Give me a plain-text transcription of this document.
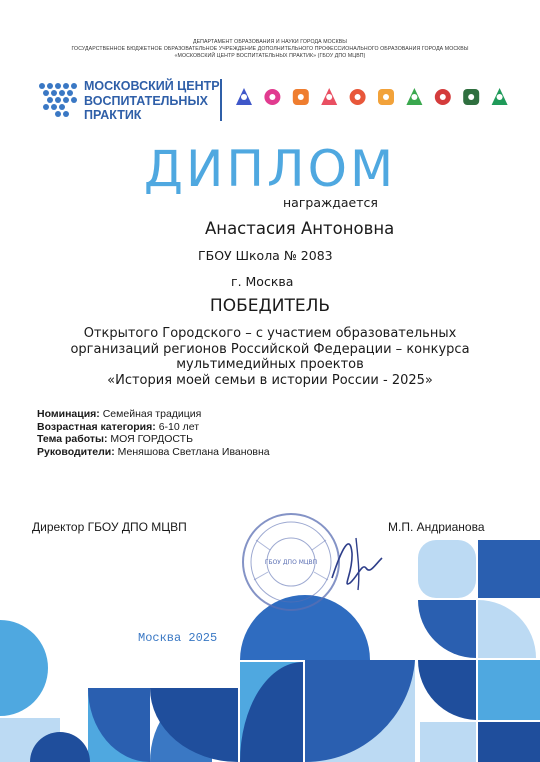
ДЕПАРТАМЕНТ ОБРАЗОВАНИЯ И НАУКИ ГОРОДА МОСКВЫ
ГОСУДАРСТВЕННОЕ БЮДЖЕТНОЕ ОБРАЗОВАТЕЛЬНОЕ УЧРЕЖДЕНИЕ ДОПОЛНИТЕЛЬНОГО ПРОФЕССИОНАЛЬНОГО ОБРАЗОВАНИЯ ГОРОДА МОСКВЫ
«МОСКОВСКИЙ ЦЕНТР ВОСПИТАТЕЛЬНЫХ ПРАКТИК» (ГБОУ ДПО МЦВП)
МОСКОВСКИЙ ЦЕНТР
ВОСПИТАТЕЛЬНЫХ
ПРАКТИК
ДИПЛОМ
награждается
Анастасия Антоновна
ГБОУ Школа № 2083
г. Москва
ПОБЕДИТЕЛЬ
Открытого Городского – с участием образовательных
организаций регионов Российской Федерации – конкурса
мультимедийных проектов
«История моей семьи в истории России - 2025»
Номинация: Семейная традиция
Возрастная категория: 6-10 лет
Тема работы: МОЯ ГОРДОСТЬ
Руководители: Меняшова Светлана Ивановна
Директор ГБОУ ДПО МЦВП	М.П. Андрианова
ГБОУ ДПО МЦВП
Москва 2025
